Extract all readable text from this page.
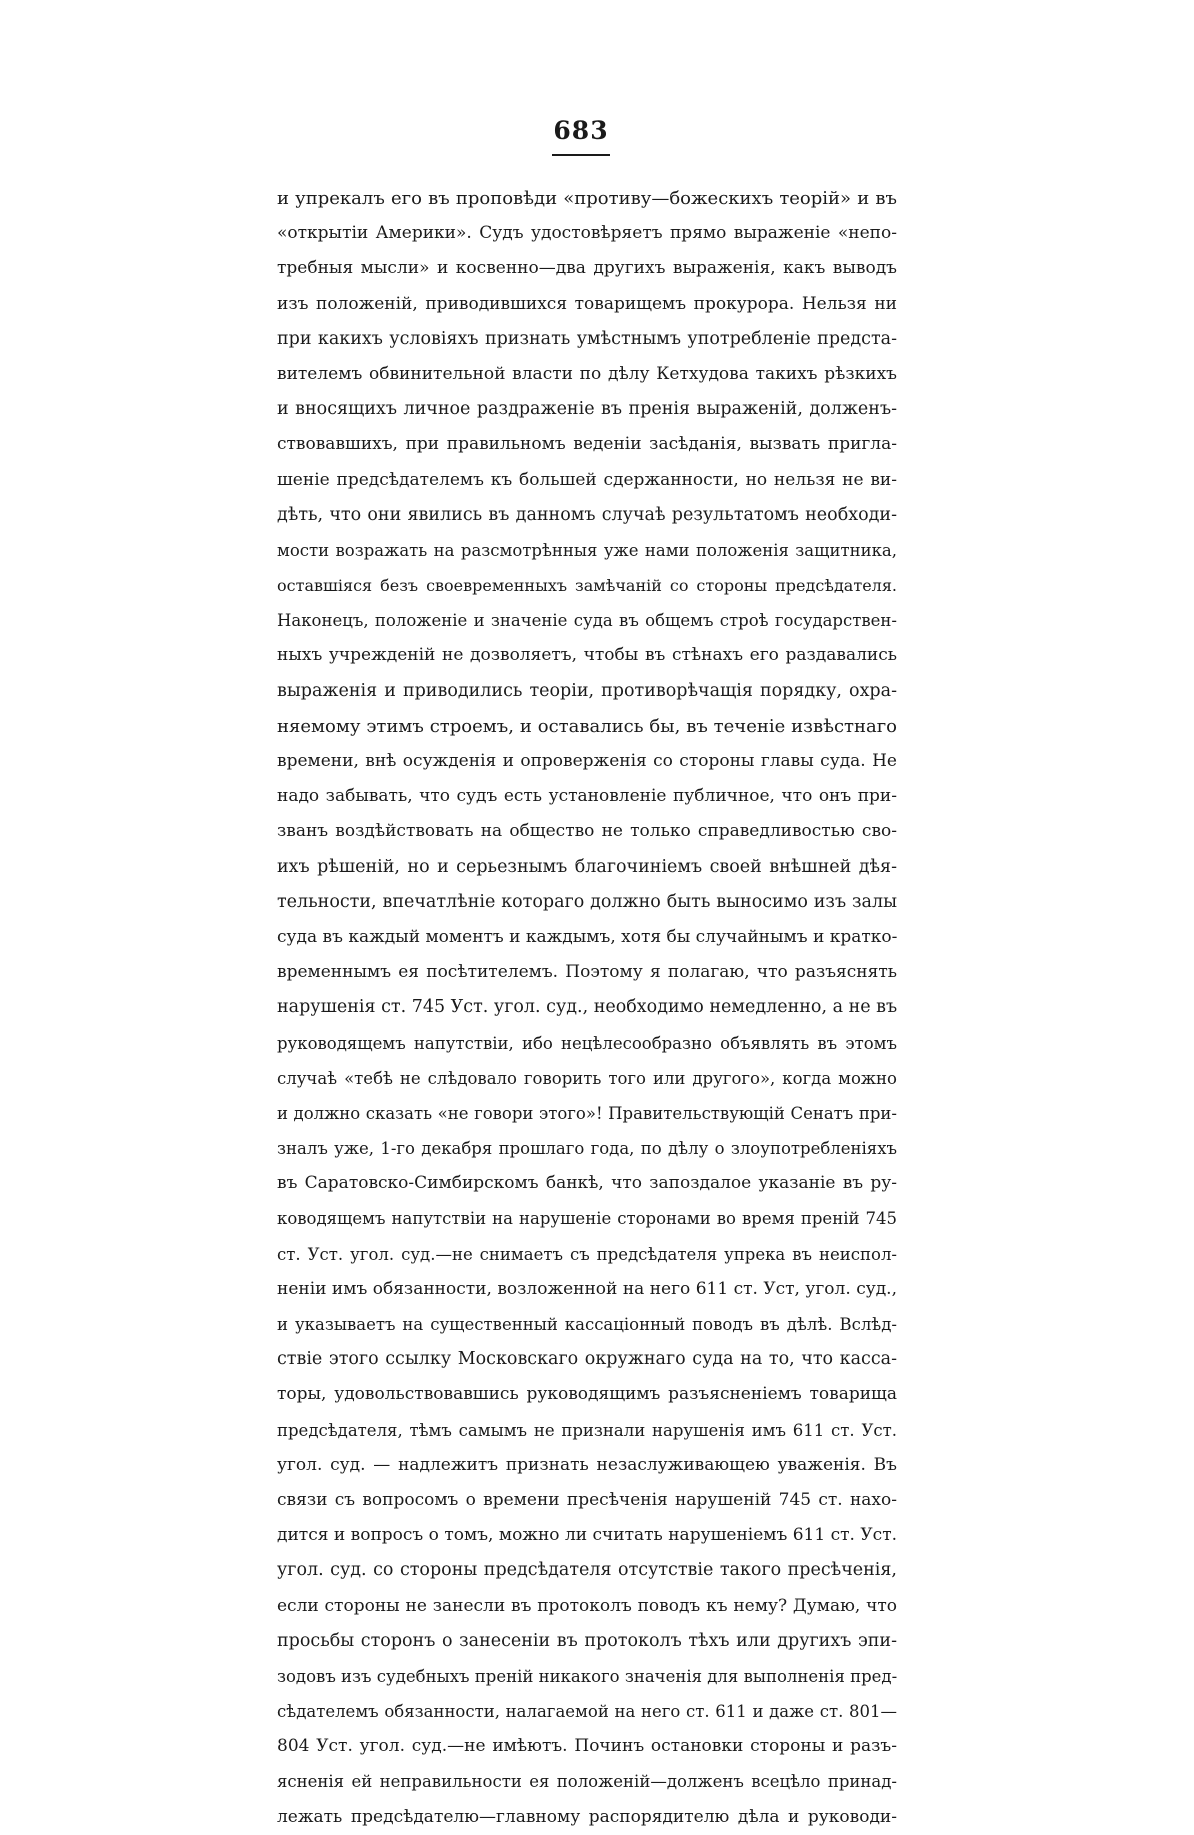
683
и упрекалъ его въ проповѣди «противу—божескихъ теорій» и въ
«открытіи Америки». Судъ удостовѣряетъ прямо выраженіе «непо-
требныя мысли» и косвенно—два другихъ выраженія, какъ выводъ
изъ положеній, приводившихся товарищемъ прокурора. Нельзя ни
при какихъ условіяхъ признать умѣстнымъ употребленіе предста-
вителемъ обвинительной власти по дѣлу Кетхудова такихъ рѣзкихъ
и вносящихъ личное раздраженіе въ пренія выраженій, долженъ-
ствовавшихъ, при правильномъ веденіи засѣданія, вызвать пригла-
шеніе предсѣдателемъ къ большей сдержанности, но нельзя не ви-
дѣть, что они явились въ данномъ случаѣ результатомъ необходи-
мости возражать на разсмотрѣнныя уже нами положенія защитника,
оставшіяся безъ своевременныхъ замѣчаній со стороны предсѣдателя.
Наконецъ, положеніе и значеніе суда въ общемъ строѣ государствен-
ныхъ учрежденій не дозволяетъ, чтобы въ стѣнахъ его раздавались
выраженія и приводились теоріи, противорѣчащія порядку, охра-
няемому этимъ строемъ, и оставались бы, въ теченіе извѣстнаго
времени, внѣ осужденія и опроверженія со стороны главы суда. Не
надо забывать, что судъ есть установленіе публичное, что онъ при-
званъ воздѣйствовать на общество не только справедливостью сво-
ихъ рѣшеній, но и серьезнымъ благочиніемъ своей внѣшней дѣя-
тельности, впечатлѣніе котораго должно быть выносимо изъ залы
суда въ каждый моментъ и каждымъ, хотя бы случайнымъ и кратко-
временнымъ ея посѣтителемъ. Поэтому я полагаю, что разъяснять
нарушенія ст. 745 Уст. угол. суд., необходимо немедленно, а не въ
руководящемъ напутствіи, ибо нецѣлесообразно объявлять въ этомъ
случаѣ «тебѣ не слѣдовало говорить того или другого», когда можно
и должно сказать «не говори этого»! Правительствующій Сенатъ при-
зналъ уже, 1-го декабря прошлаго года, по дѣлу о злоупотребленіяхъ
въ Саратовско-Симбирскомъ банкѣ, что запоздалое указаніе въ ру-
ководящемъ напутствіи на нарушеніе сторонами во время преній 745
ст. Уст. угол. суд.—не снимаетъ съ предсѣдателя упрека въ неиспол-
неніи имъ обязанности, возложенной на него 611 ст. Уст, угол. суд.,
и указываетъ на существенный кассаціонный поводъ въ дѣлѣ. Вслѣд-
ствіе этого ссылку Московскаго окружнаго суда на то, что касса-
торы, удовольствовавшись руководящимъ разъясненіемъ товарища
предсѣдателя, тѣмъ самымъ не признали нарушенія имъ 611 ст. Уст.
угол. суд. — надлежитъ признать незаслуживающею уваженія. Въ
связи съ вопросомъ о времени пресѣченія нарушеній 745 ст. нахо-
дится и вопросъ о томъ, можно ли считать нарушеніемъ 611 ст. Уст.
угол. суд. со стороны предсѣдателя отсутствіе такого пресѣченія,
если стороны не занесли въ протоколъ поводъ къ нему? Думаю, что
просьбы сторонъ о занесеніи въ протоколъ тѣхъ или другихъ эпи-
зодовъ изъ судебныхъ преній никакого значенія для выполненія пред-
сѣдателемъ обязанности, налагаемой на него ст. 611 и даже ст. 801—
804 Уст. угол. суд.—не имѣютъ. Починъ остановки стороны и разъ-
ясненія ей неправильности ея положеній—долженъ всецѣло принад-
лежать предсѣдателю—главному распорядителю дѣла и руководи-
